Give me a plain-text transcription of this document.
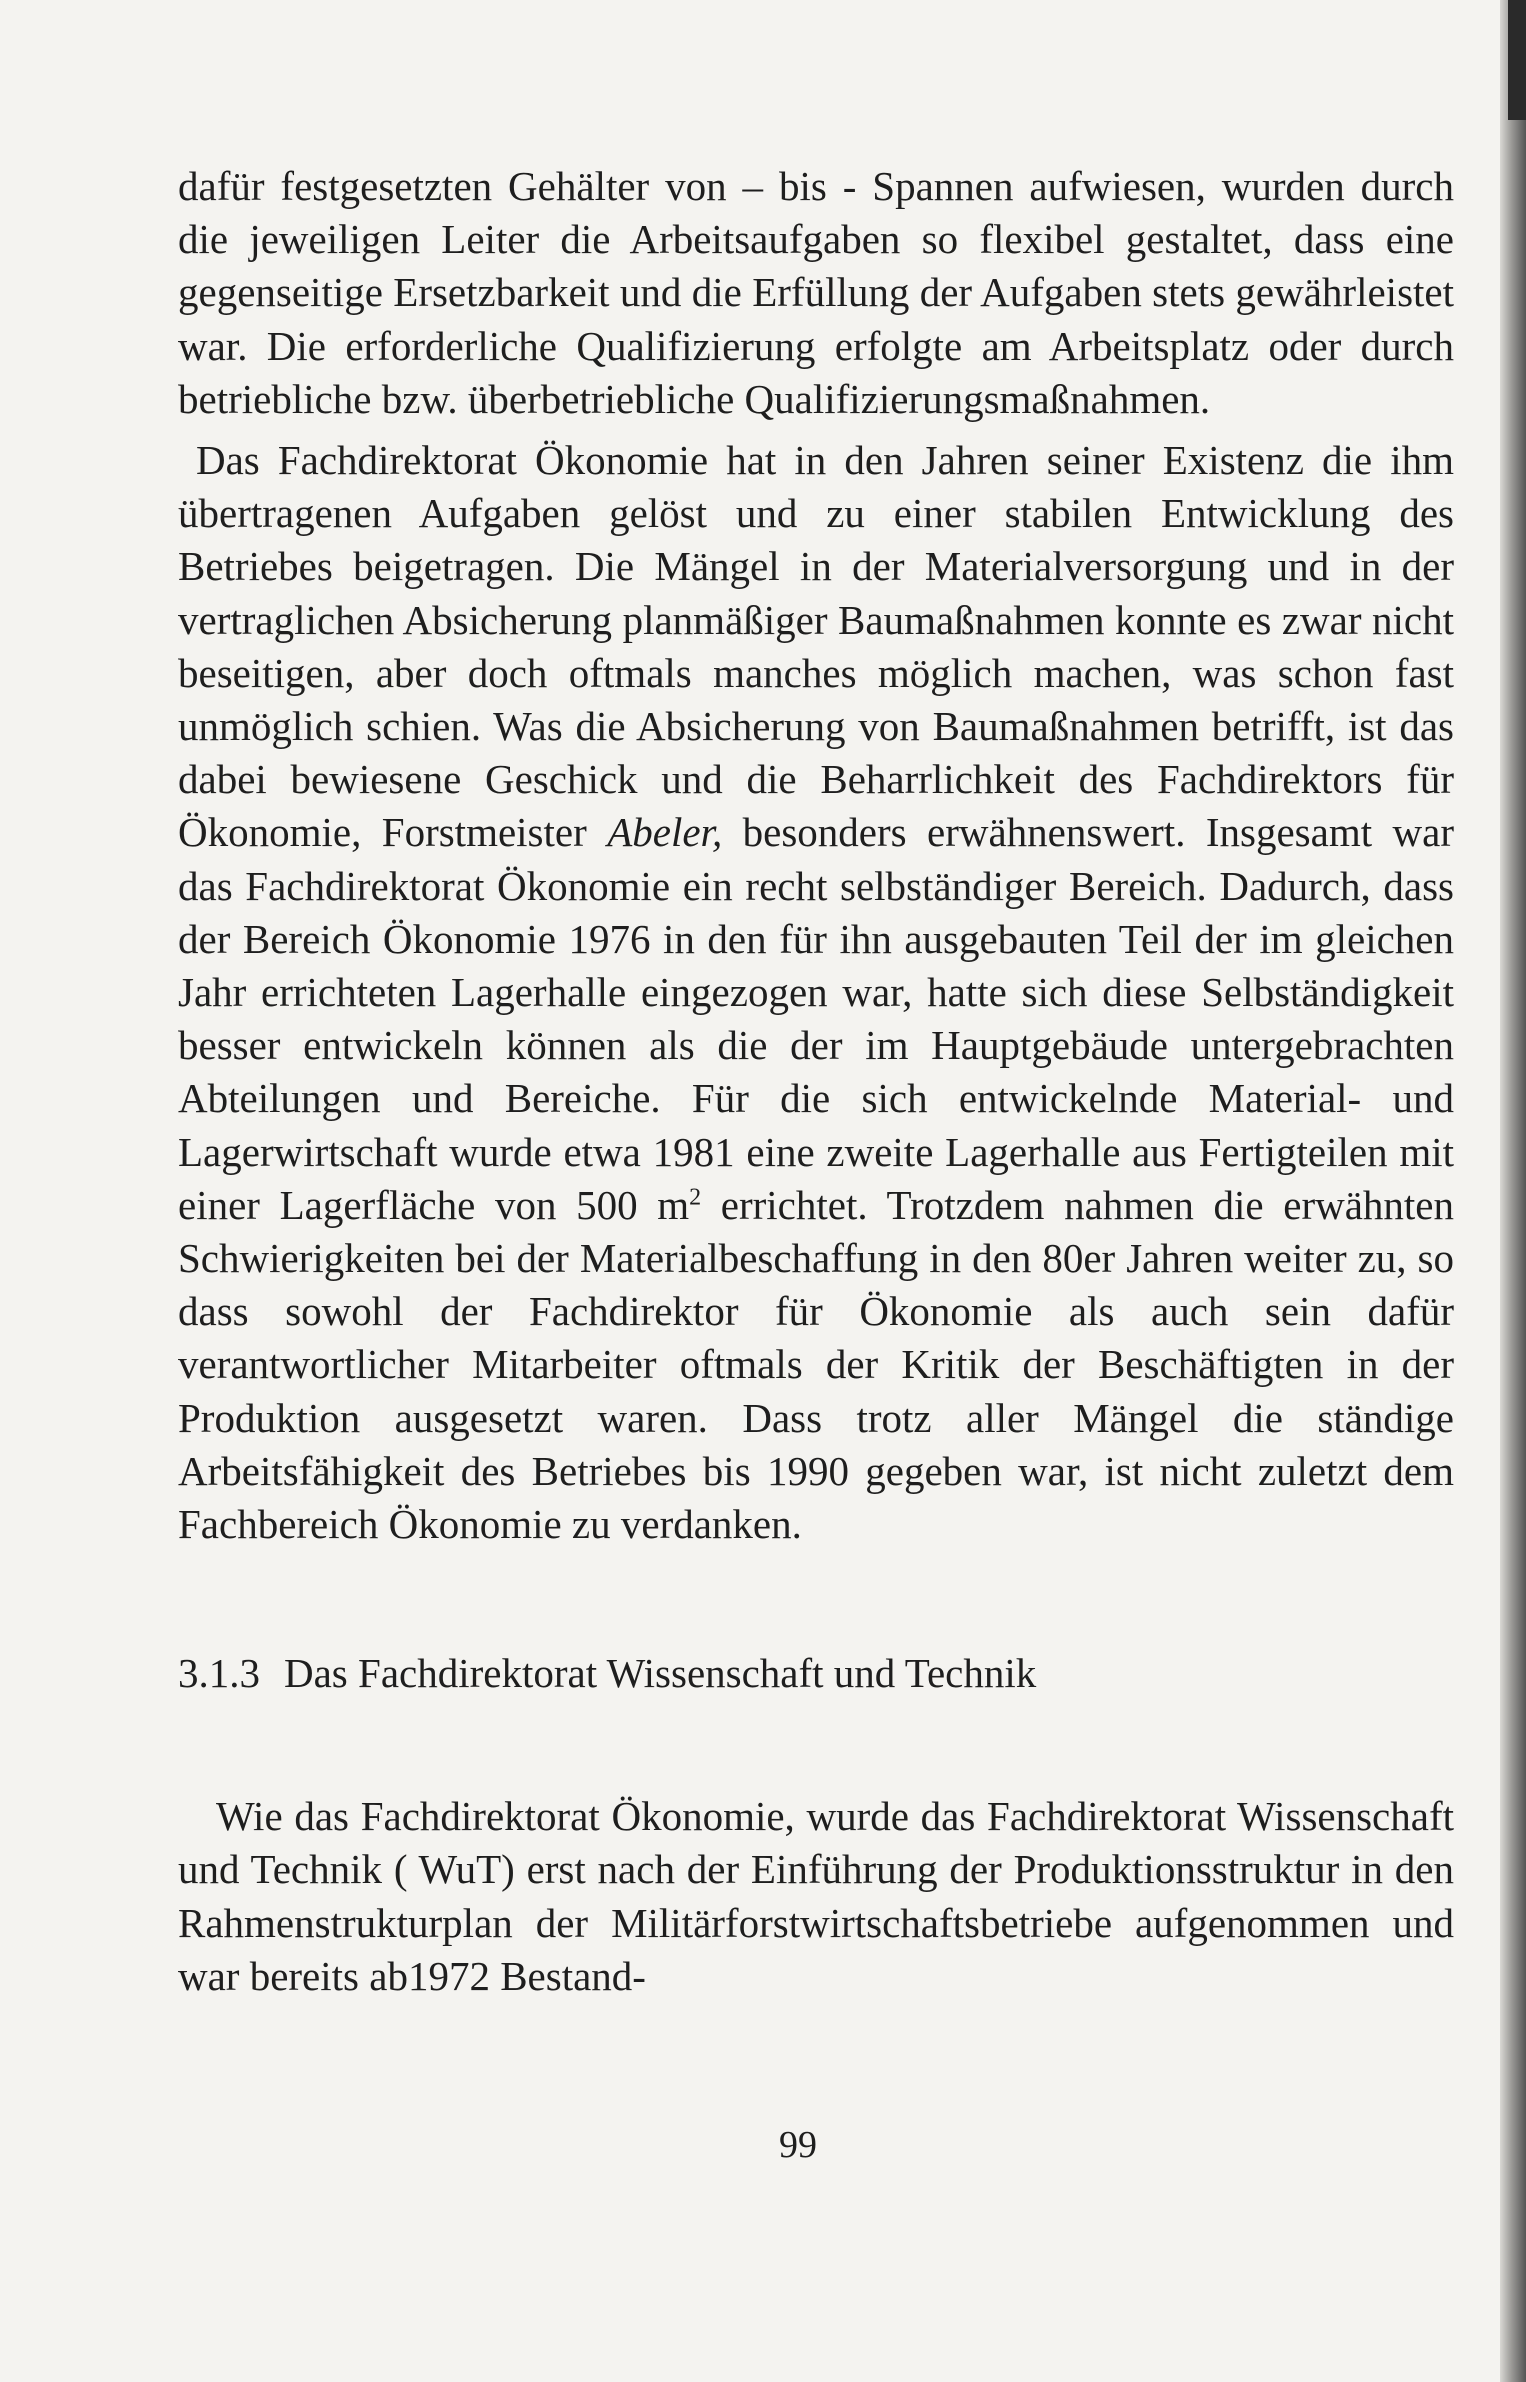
dafür festgesetzten Gehälter von – bis - Spannen aufwiesen, wurden durch die jeweiligen Leiter die Arbeitsaufgaben so flexibel gestaltet, dass eine gegenseitige Ersetzbarkeit und die Erfüllung der Aufgaben stets gewährleistet war. Die erforderliche Qualifizierung erfolgte am Arbeitsplatz oder durch betriebliche bzw. überbetriebliche Qualifizierungsmaßnahmen.

Das Fachdirektorat Ökonomie hat in den Jahren seiner Existenz die ihm übertragenen Aufgaben gelöst und zu einer stabilen Entwicklung des Betriebes beigetragen. Die Mängel in der Materialversorgung und in der vertraglichen Absicherung planmäßiger Baumaßnahmen konnte es zwar nicht beseitigen, aber doch oftmals manches möglich machen, was schon fast unmöglich schien. Was die Absicherung von Baumaßnahmen betrifft, ist das dabei bewiesene Geschick und die Beharrlichkeit des Fachdirektors für Ökonomie, Forstmeister Abeler, besonders erwähnenswert. Insgesamt war das Fachdirektorat Ökonomie ein recht selbständiger Bereich. Dadurch, dass der Bereich Ökonomie 1976 in den für ihn ausgebauten Teil der im gleichen Jahr errichteten Lagerhalle eingezogen war, hatte sich diese Selbständigkeit besser entwickeln können als die der im Hauptgebäude untergebrachten Abteilungen und Bereiche. Für die sich entwickelnde Material- und Lagerwirtschaft wurde etwa 1981 eine zweite Lagerhalle aus Fertigteilen mit einer Lagerfläche von 500 $m^2$ errichtet. Trotzdem nahmen die erwähnten Schwierigkeiten bei der Materialbeschaffung in den 80er Jahren weiter zu, so dass sowohl der Fachdirektor für Ökonomie als auch sein dafür verantwortlicher Mitarbeiter oftmals der Kritik der Beschäftigten in der Produktion ausgesetzt waren. Dass trotz aller Mängel die ständige Arbeitsfähigkeit des Betriebes bis 1990 gegeben war, ist nicht zuletzt dem Fachbereich Ökonomie zu verdanken.

3.1.3 Das Fachdirektorat Wissenschaft und Technik

Wie das Fachdirektorat Ökonomie, wurde das Fachdirektorat Wissenschaft und Technik ( WuT) erst nach der Einführung der Produktionsstruktur in den Rahmenstrukturplan der Militärforstwirtschaftsbetriebe aufgenommen und war bereits ab1972 Bestand-

99
